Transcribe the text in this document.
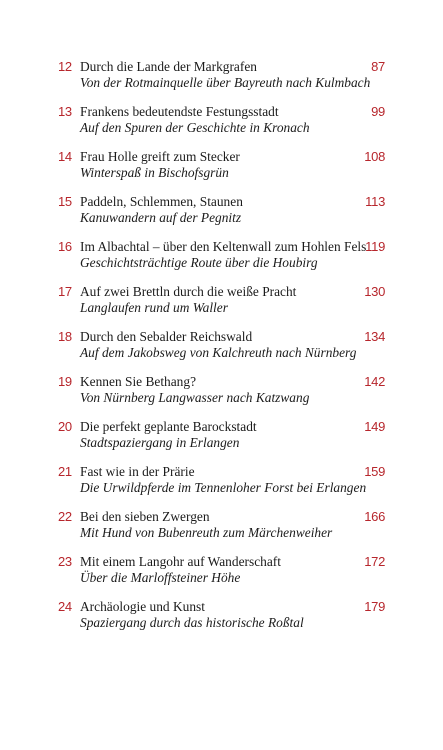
12 Durch die Lande der Markgrafen
Von der Rotmainquelle über Bayreuth nach Kulmbach
87
13 Frankens bedeutendste Festungsstadt
Auf den Spuren der Geschichte in Kronach
99
14 Frau Holle greift zum Stecker
Winterspaß in Bischofsgrün
108
15 Paddeln, Schlemmen, Staunen
Kanuwandern auf der Pegnitz
113
16 Im Albachtal – über den Keltenwall zum Hohlen Fels
Geschichtsträchtige Route über die Houbirg
119
17 Auf zwei Brettln durch die weiße Pracht
Langlaufen rund um Waller
130
18 Durch den Sebalder Reichswald
Auf dem Jakobsweg von Kalchreuth nach Nürnberg
134
19 Kennen Sie Bethang?
Von Nürnberg Langwasser nach Katzwang
142
20 Die perfekt geplante Barockstadt
Stadtspaziergang in Erlangen
149
21 Fast wie in der Prärie
Die Urwildpferde im Tennenloher Forst bei Erlangen
159
22 Bei den sieben Zwergen
Mit Hund von Bubenreuth zum Märchenweiher
166
23 Mit einem Langohr auf Wanderschaft
Über die Marloffsteiner Höhe
172
24 Archäologie und Kunst
Spaziergang durch das historische Roßtal
179
